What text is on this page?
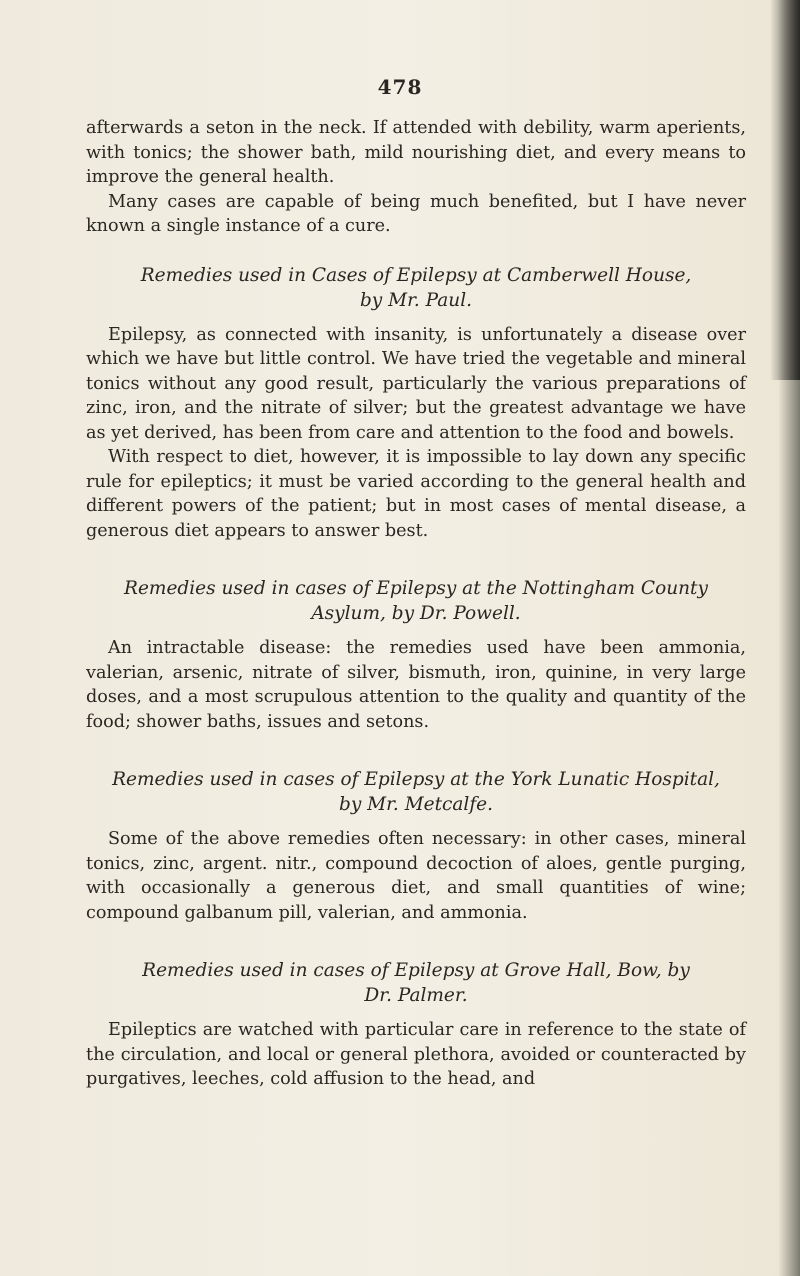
478

afterwards a seton in the neck. If attended with debility, warm aperients, with tonics; the shower bath, mild nourishing diet, and every means to improve the general health.

Many cases are capable of being much benefited, but I have never known a single instance of a cure.

Remedies used in Cases of Epilepsy at Camberwell House,
by Mr. Paul.

Epilepsy, as connected with insanity, is unfortunately a disease over which we have but little control. We have tried the vegetable and mineral tonics without any good result, particularly the various preparations of zinc, iron, and the nitrate of silver; but the greatest advantage we have as yet derived, has been from care and attention to the food and bowels.

With respect to diet, however, it is impossible to lay down any specific rule for epileptics; it must be varied according to the general health and different powers of the patient; but in most cases of mental disease, a generous diet appears to answer best.

Remedies used in cases of Epilepsy at the Nottingham County
Asylum, by Dr. Powell.

An intractable disease: the remedies used have been ammonia, valerian, arsenic, nitrate of silver, bismuth, iron, quinine, in very large doses, and a most scrupulous attention to the quality and quantity of the food; shower baths, issues and setons.

Remedies used in cases of Epilepsy at the York Lunatic Hospital,
by Mr. Metcalfe.

Some of the above remedies often necessary: in other cases, mineral tonics, zinc, argent. nitr., compound decoction of aloes, gentle purging, with occasionally a generous diet, and small quantities of wine; compound galbanum pill, valerian, and ammonia.

Remedies used in cases of Epilepsy at Grove Hall, Bow, by
Dr. Palmer.

Epileptics are watched with particular care in reference to the state of the circulation, and local or general plethora, avoided or counteracted by purgatives, leeches, cold affusion to the head, and
